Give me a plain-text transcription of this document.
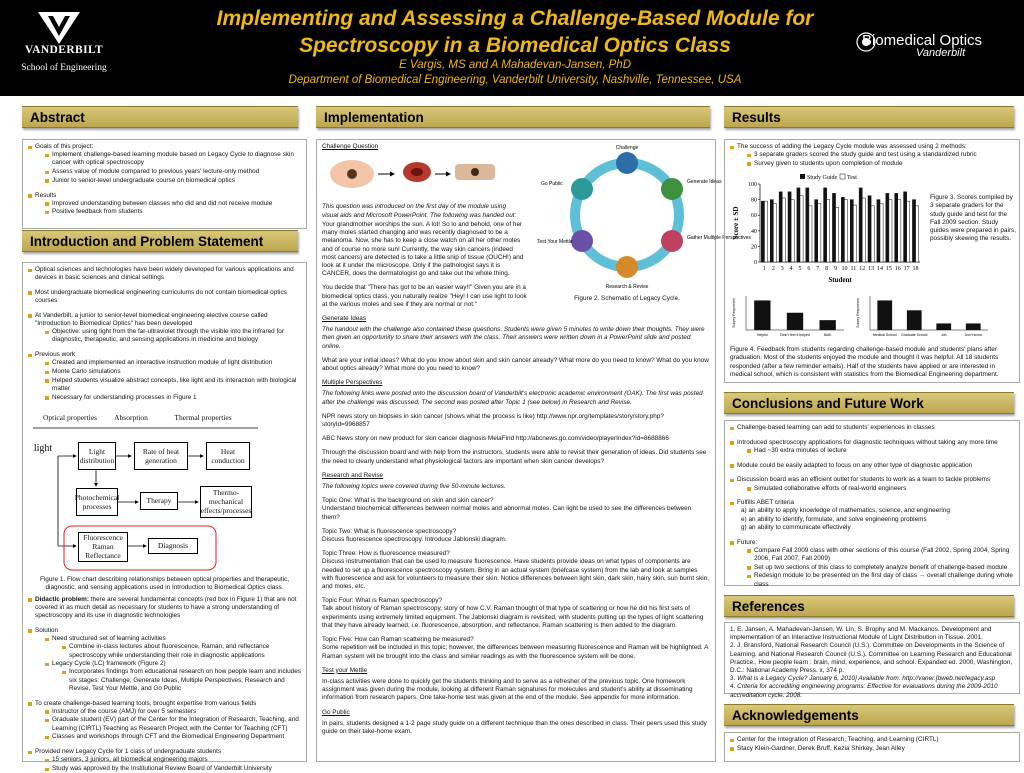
VANDERBILT
School of Engineering
Implementing and Assessing a Challenge-Based Module for
Spectroscopy in a Biomedical Optics Class
E Vargis, MS and A Mahadevan-Jansen, PhD
Department of Biomedical Engineering, Vanderbilt University, Nashville, Tennessee, USA
Biomedical Optics
Vanderbilt
Abstract
Goals of this project:
Implement challenge-based learning module based on Legacy Cycle to diagnose skin cancer with optical spectroscopy
Assess value of module compared to previous years' lecture-only method
Junior to senior-level undergraduate course on biomedical optics
Results
Improved understanding between classes who did and did not receive module
Positive feedback from students
Introduction and Problem Statement
Optical sciences and technologies have been widely developed for various applications and devices in basic sciences and clinical settings
Most undergraduate biomedical engineering curriculums do not contain biomedical optics courses
At Vanderbilt, a junior to senior-level biomedical engineering elective course called "Introduction to Biomedical Optics" has been developed
Objective: using light from the far-ultraviolet through the visible into the infrared for diagnostic, therapeutic, and sensing applications in medicine and biology
Previous work
Created and implemented an interactive instruction module of light distribution
Monte Carlo simulations
Helped students visualize abstract concepts, like light and its interaction with biological matter
Necessary for understanding processes in Figure 1
Optical properties	Absorption	Thermal properties
light	Light distribution
Rate of heat generation
Heat conduction
Photochemical processes
Therapy
Thermo-mechanical effects/processes
Fluorescence Raman Reflectance
Diagnosis
Figure 1. Flow chart describing relationships between optical properties and therapeutic, diagnostic, and sensing applications used in Introduction to Biomedical Optics class.
Didactic problem: there are several fundamental concepts (red box in Figure 1) that are not covered in as much detail as necessary for students to have a strong understanding of spectroscopy and its use in diagnostic technologies
Solution
Need structured set of learning activities
Combine in-class lectures about fluorescence, Raman, and reflectance spectroscopy while understanding their role in diagnostic applications
Legacy Cycle (LC) framework (Figure 2)
Incorporates findings from educational research on how people learn and includes six stages: Challenge, Generate Ideas, Multiple Perspectives, Research and Revise, Test Your Mettle, and Go Public
To create challenge-based learning tools, brought expertise from various fields
Instructor of the course (AMJ) for over 5 semesters
Graduate student (EV) part of the Center for the Integration of Research, Teaching, and Learning (CIRTL) Teaching as Research Project with the Center for Teaching (CFT)
Classes and workshops through CFT and the Biomedical Engineering Department
Provided new Legacy Cycle for 1 class of undergraduate students
15 seniors, 3 juniors, all biomedical engineering majors
Study was approved by the Institutional Review Board of Vanderbilt University
Implementation
Challenge Question

This question was introduced on the first day of the module using visual aids and Microsoft PowerPoint. The following was handed out:

Challenge
Generate Ideas
Gather Multiple Perspectives
Research & Revise
Test Your Mettle
Go Public
Figure 2. Schematic of Legacy Cycle.

Your grandmother worships the sun. A lot! So lo and behold, one of her many moles started changing and was recently diagnosed to be a melanoma. Now, she has to keep a close watch on all her other moles and of course no more sun! Currently, the way skin cancers (indeed most cancers) are detected is to take a little snip of tissue (OUCH!) and look at it under the microscope. Only if the pathologist says it is CANCER, does the dermatologist go and take out the whole thing.

You decide that "There has got to be an easier way!!" Given you are in a biomedical optics class, you naturally realize "Hey! I can use light to look at the various moles and see if they are normal or not."

Generate Ideas

The handout with the challenge also contained these questions. Students were given 5 minutes to write down their thoughts. They were then given an opportunity to share their answers with the class. Their answers were written down in a PowerPoint slide and posted online.

What are your initial ideas? What do you know about skin and skin cancer already? What more do you need to know? What do you know about optics already? What more do you need to know?

Multiple Perspectives

The following links were posted onto the discussion board of Vanderbilt's electronic academic environment (OAK). The first was posted after the challenge was discussed. The second was posted after Topic 1 (see below) in Research and Revise.

NPR news story on biopsies in skin cancer (shows what the process is like) http://www.npr.org/templates/story/story.php?storyId=9968857

ABC News story on new product for skin cancer diagnosis MelaFind http://abcnews.go.com/video/playerIndex?id=8688866

Through the discussion board and with help from the instructors, students were able to revisit their generation of ideas. Did students see the need to clearly understand what physiological factors are important when skin cancer develops?

Research and Revise

The following topics were covered during five 50-minute lectures.

Topic One: What is the background on skin and skin cancer?
Understand biochemical differences between normal moles and abnormal moles. Can light be used to see the differences between them?

Topic Two: What is fluorescence spectroscopy?
Discuss fluorescence spectroscopy. Introduce Jablonski diagram.

Topic Three: How is fluorescence measured?
Discuss instrumentation that can be used to measure fluorescence. Have students provide ideas on what types of components are needed to set up a fluorescence spectroscopy system. Bring in an actual system (briefcase system) from the lab and look at samples with fluorescence and ask for volunteers to measure their skin. Notice differences between light skin, dark skin, hairy skin, sun burnt skin, and moles, etc.

Topic Four: What is Raman spectroscopy?
Talk about history of Raman spectroscopy, story of how C.V. Raman thought of that type of scattering or how he did his first sets of experiments using extremely limited equipment. The Jablonski diagram is revisited, with students putting up the types of light scattering that they have already learned, i.e. fluorescence, absorption, and reflectance. Raman scattering is then added to the diagram.

Topic Five: How can Raman scattering be measured?
Some repetition will be included in this topic; however, the differences between measuring fluorescence and Raman will be highlighted. A Raman system will be brought into the class and similar readings as with the fluorescence system will be done.

Test your Mettle

In-class activities were done to quickly get the students thinking and to serve as a refresher of the previous topic. One homework assignment was given during the module, looking at different Raman signatures for molecules and student's ability at disseminating information from research papers. One take-home test was given at the end of the module. See appendix for more information.

Go Public

In pairs, students designed a 1-2 page study guide on a different technique than the ones described in class. Their peers used this study guide on their take-home exam.

Results
The success of adding the Legacy Cycle module was assessed using 2 methods:
3 separate graders scored the study guide and test using a standardized rubric
Survey given to students upon completion of module
0
20
40
60
80
100
1 2 3 4 5 6 7 8 9 10 11 12 13 14 15 16 17 18
Student
Score ± SD
Study Guide Test
Figure 3. Scores compiled by 3 separate graders for the study guide and test for the Fall 2009 section. Study guides were prepared in pairs, possibly skewing the results.
Survey Responses
Helpful	Didn't feel it helped	Both
Survey Responses
Medical School Graduate School	Job	Don't know
Figure 4. Feedback from students regarding challenge-based module and students' plans after graduation. Most of the students enjoyed the module and thought it was helpful. All 18 students responded (after a few reminder emails). Half of the students have applied or are interested in medical school, which is consistent with statistics from the Biomedical Engineering department.
Conclusions and Future Work
Challenge-based learning can add to students' experiences in classes
Introduced spectroscopy applications for diagnostic techniques without taking any more time
Had ~30 extra minutes of lecture
Module could be easily adapted to focus on any other type of diagnostic application
Discussion board was an efficient outlet for students to work as a team to tackle problems
Simulated collaborative efforts of real-world engineers
Fulfills ABET criteria
a) an ability to apply knowledge of mathematics, science, and engineering
e) an ability to identify, formulate, and solve engineering problems
g) an ability to communicate effectively
Future:
Compare Fall 2009 class with other sections of this course (Fall 2002, Spring 2004, Spring 2006, Fall 2007, Fall 2009)
Set up two sections of this class to completely analyze benefit of challenge-based module
Redesign module to be presented on the first day of class → overall challenge during whole class
References
1. E. Jansen, A. Mahadevan-Jansen, W. Lin, S. Brophy and M. Mackanos. Development and Implementation of an Interactive Instructional Module of Light Distribution in Tissue. 2001.
2. J. Bransford, National Research Council (U.S.). Committee on Developments in the Science of Learning. and National Research Council (U.S.). Committee on Learning Research and Educational Practice., How people learn : brain, mind, experience, and school. Expanded ed. 2000, Washington, D.C.: National Academy Press. x, 374 p.
3. What is a Legacy Cycle? January 6, 2010] Available from: http://vaner.[bweb.net/legacy.asp
4. Criteria for accrediting engineering programs: Effective for evaluations during the 2009-2010 accreditation cycle. 2008.
Acknowledgements
Center for the Integration of Research, Teaching, and Learning (CIRTL)
Stacy Klein-Gardner, Derek Bruff, Kezia Shirkey, Jean Alley
